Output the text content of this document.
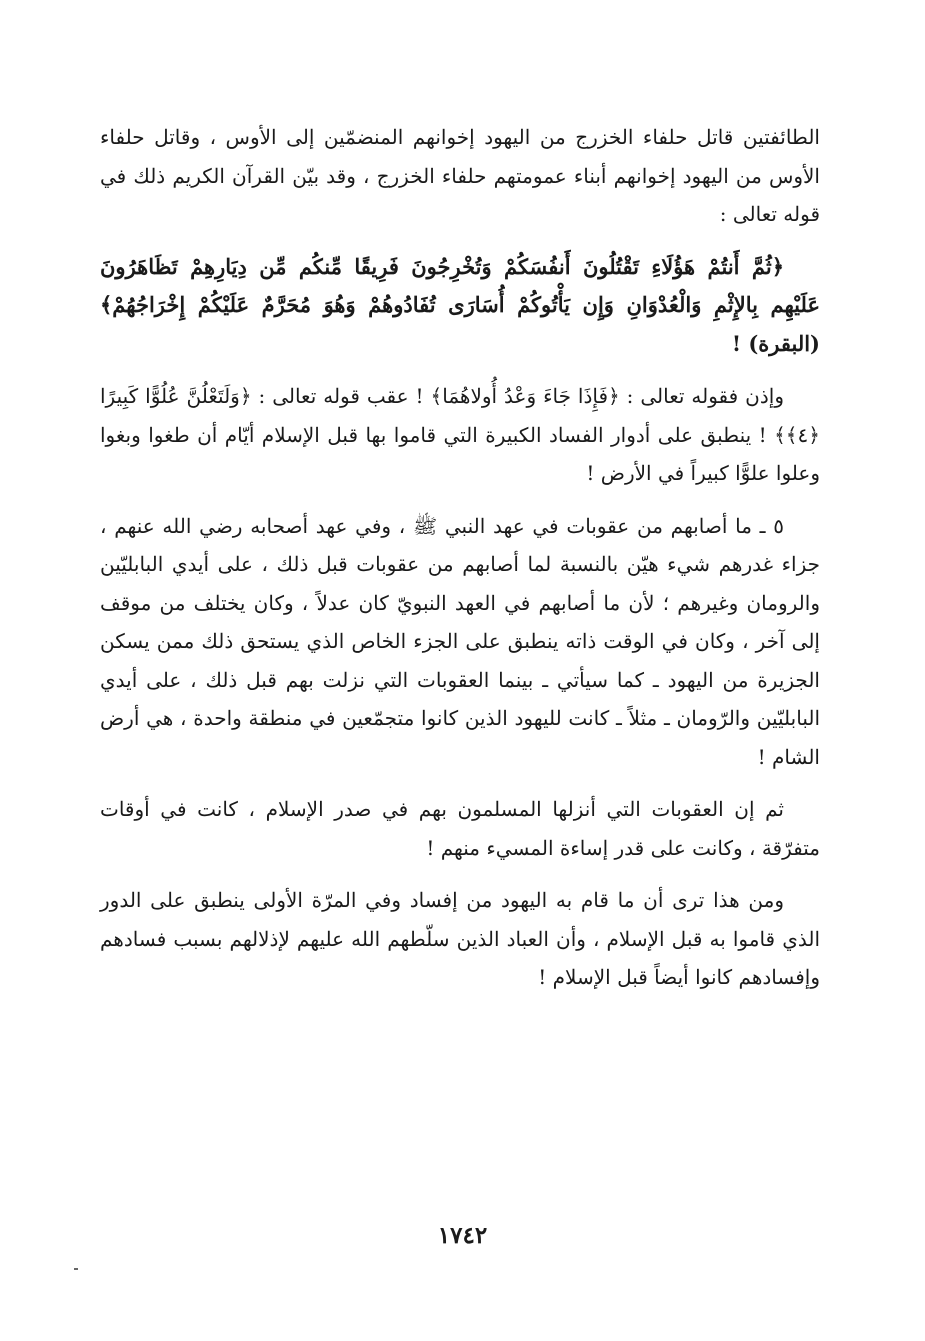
الطائفتين قاتل حلفاء الخزرج من اليهود إخوانهم المنضمّين إلى الأوس ، وقاتل حلفاء الأوس من اليهود إخوانهم أبناء عمومتهم حلفاء الخزرج ، وقد بيّن القرآن الكريم ذلك في قوله تعالى :

﴿ثُمَّ أَنتُمْ هَؤُلَاءِ تَقْتُلُونَ أَنفُسَكُمْ وَتُخْرِجُونَ فَرِيقًا مِّنكُم مِّن دِيَارِهِمْ تَظَاهَرُونَ عَلَيْهِم بِالإِثْمِ وَالْعُدْوَانِ وَإِن يَأْتُوكُمْ أُسَارَى تُفَادُوهُمْ وَهُوَ مُحَرَّمٌ عَلَيْكُمْ إِخْرَاجُهُمْ﴾ (البقرة) !

وإذن فقوله تعالى : ﴿فَإِذَا جَاءَ وَعْدُ أُولاهُمَا﴾ ! عقب قوله تعالى : ﴿وَلَتَعْلُنَّ عُلُوًّا كَبِيرًا ﴿٤﴾﴾ ! ينطبق على أدوار الفساد الكبيرة التي قاموا بها قبل الإسلام أيّام أن طغوا وبغوا وعلوا علوًّا كبيراً في الأرض !

٥ ـ ما أصابهم من عقوبات في عهد النبي ﷺ ، وفي عهد أصحابه رضي الله عنهم ، جزاء غدرهم شيء هيّن بالنسبة لما أصابهم من عقوبات قبل ذلك ، على أيدي البابليّين والرومان وغيرهم ؛ لأن ما أصابهم في العهد النبويّ كان عدلاً ، وكان يختلف من موقف إلى آخر ، وكان في الوقت ذاته ينطبق على الجزء الخاص الذي يستحق ذلك ممن يسكن الجزيرة من اليهود ـ كما سيأتي ـ بينما العقوبات التي نزلت بهم قبل ذلك ، على أيدي البابليّين والرّومان ـ مثلاً ـ كانت لليهود الذين كانوا متجمّعين في منطقة واحدة ، هي أرض الشام !

ثم إن العقوبات التي أنزلها المسلمون بهم في صدر الإسلام ، كانت في أوقات متفرّقة ، وكانت على قدر إساءة المسيء منهم !

ومن هذا ترى أن ما قام به اليهود من إفساد وفي المرّة الأولى ينطبق على الدور الذي قاموا به قبل الإسلام ، وأن العباد الذين سلّطهم الله عليهم لإذلالهم بسبب فسادهم وإفسادهم كانوا أيضاً قبل الإسلام !

١٧٤٢
